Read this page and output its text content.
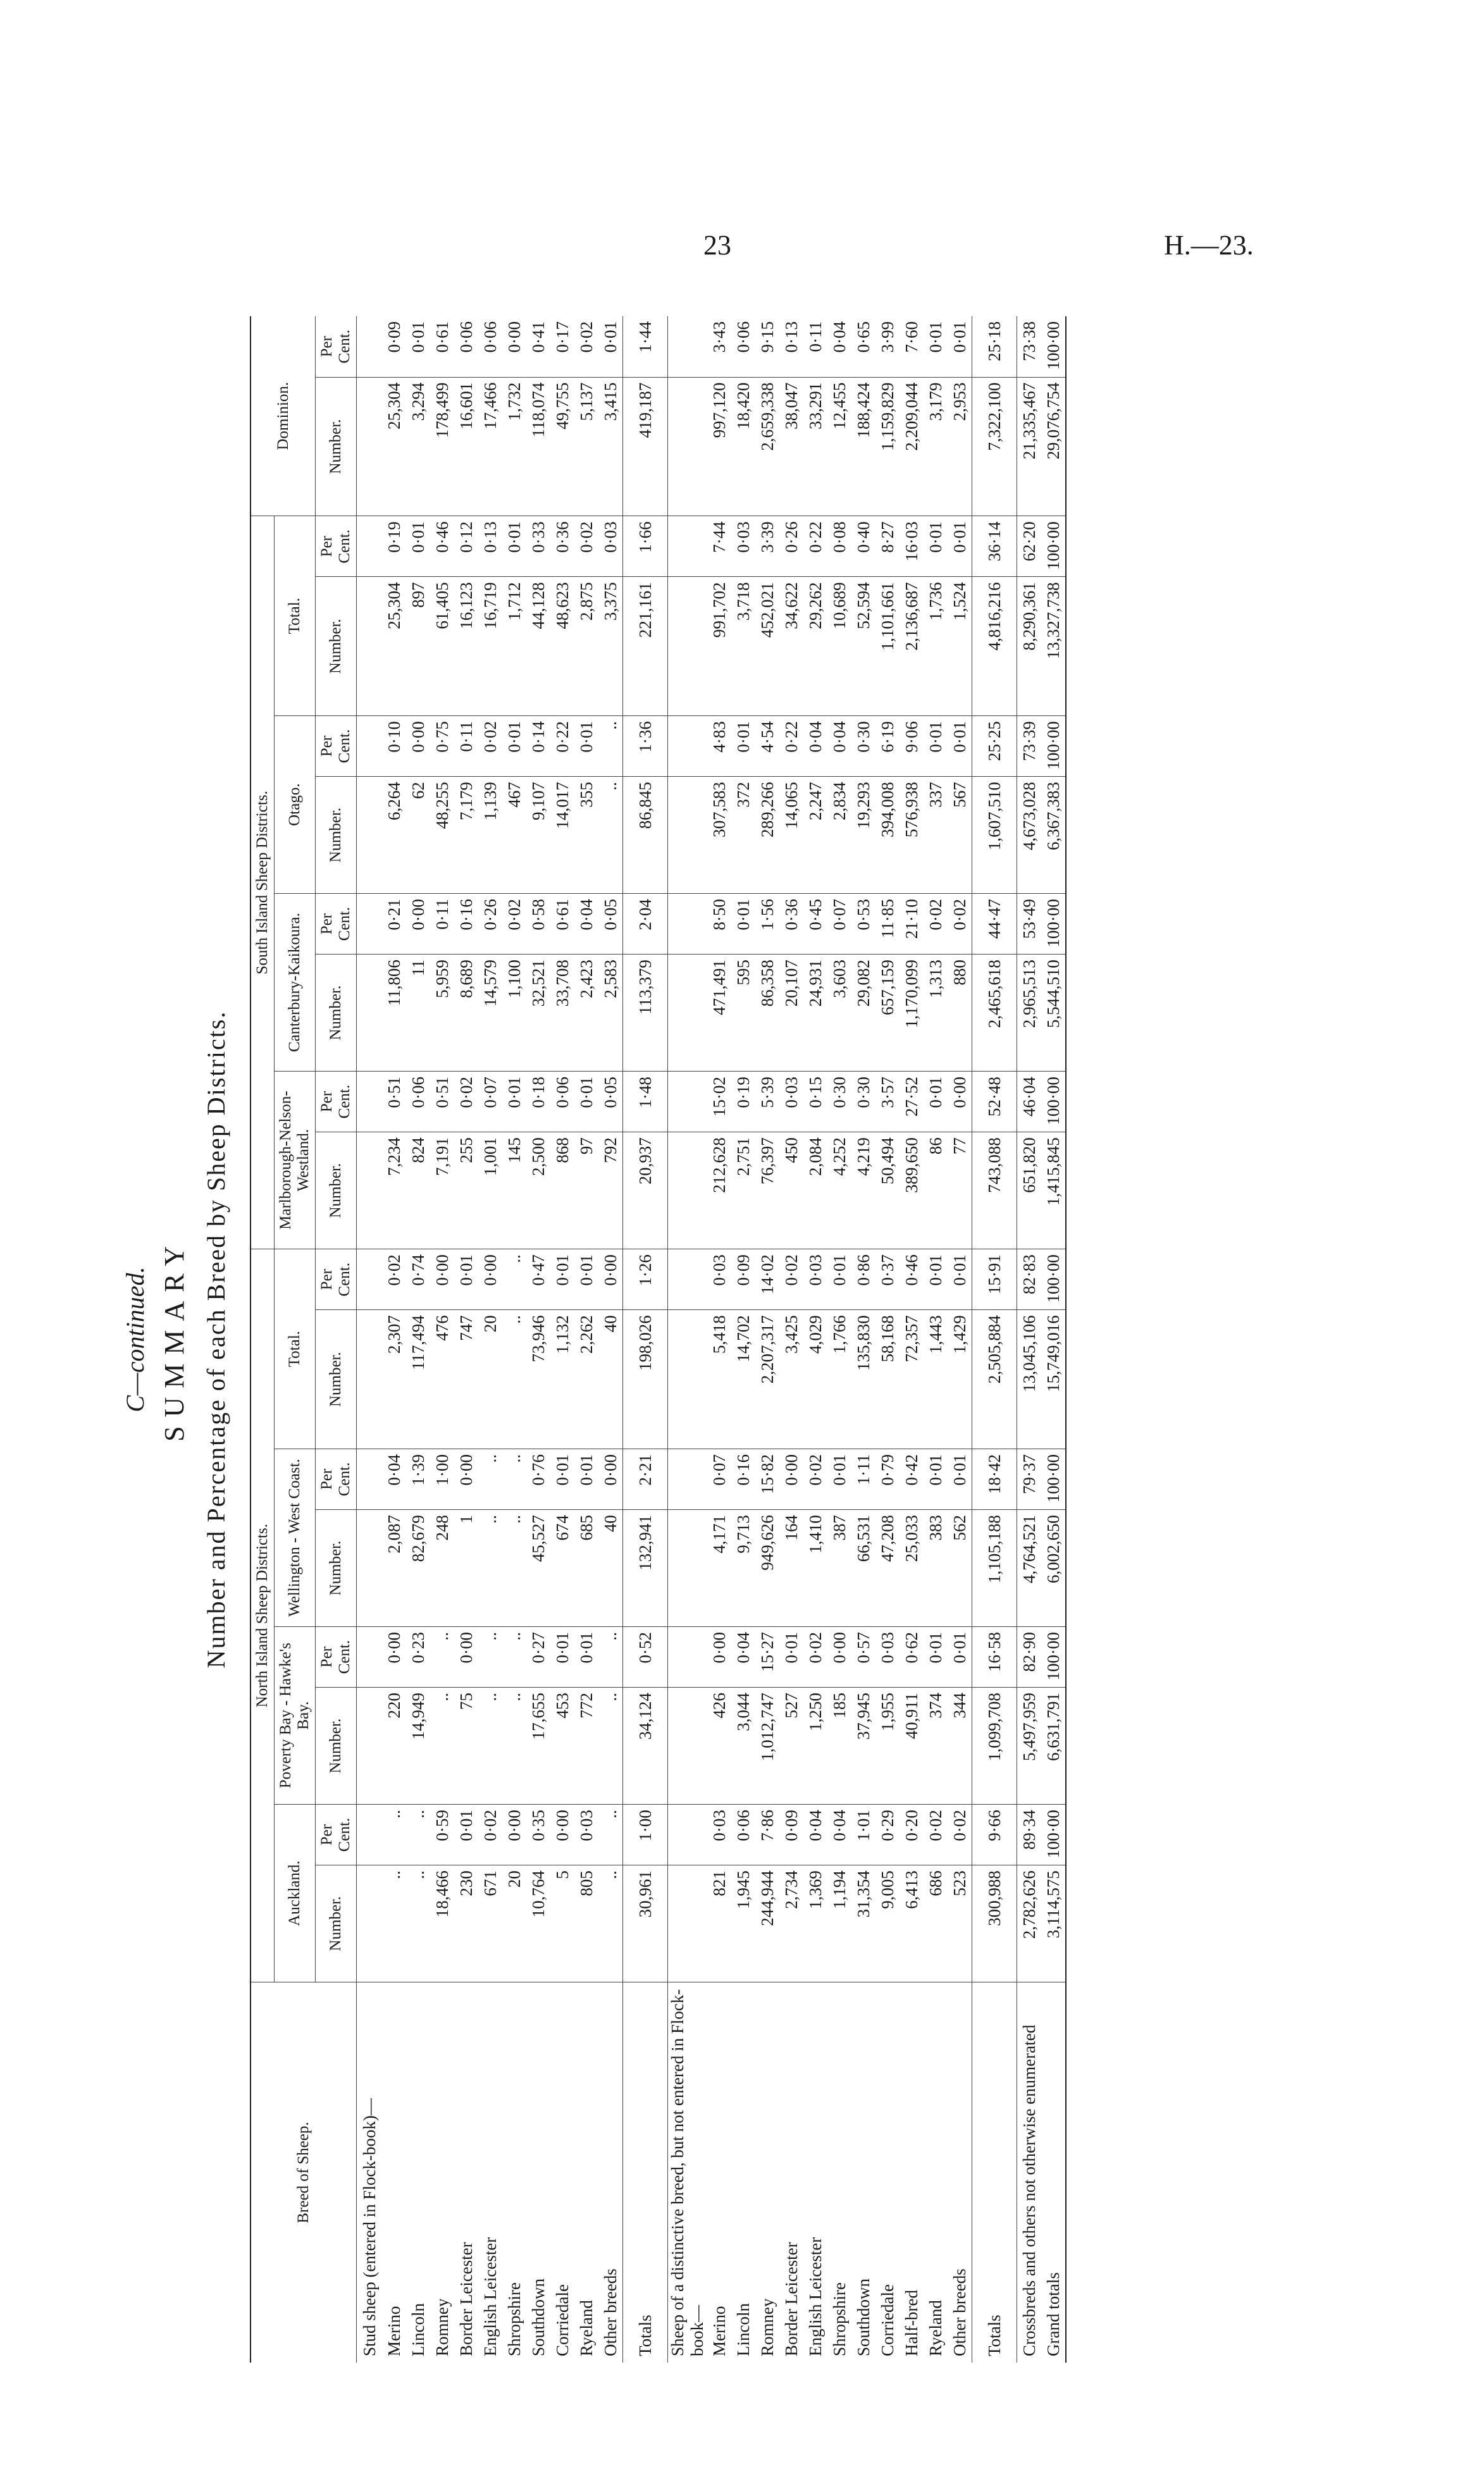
23	H.—23.
C—continued. SUMMARY Number and Percentage of each Breed by Sheep Districts.
Breed of Sheep.	North Island Sheep Districts.								South Island Sheep Districts.								Dominion.	
	Auckland.		Poverty Bay - Hawke's Bay.		Wellington - West Coast.		Total.		Marlborough-Nelson-Westland.		Canterbury-Kaikoura.		Otago.		Total.			
	Number.	Per Cent.	Number.	Per Cent.	Number.	Per Cent.	Number.	Per Cent.	Number.	Per Cent.	Number.	Per Cent.	Number.	Per Cent.	Number.	Per Cent.	Number.	Per Cent.
Stud sheep (entered in Flock-book)—																		
Merino	..	..	220	0·00	2,087	0·04	2,307	0·02	7,234	0·51	11,806	0·21	6,264	0·10	25,304	0·19	25,304	0·09
Lincoln	..	..	14,949	0·23	82,679	1·39	117,494	0·74	824	0·06	11	0·00	62	0·00	897	0·01	3,294	0·01
Romney	18,466	0·59	..	..	248	1·00	476	0·00	7,191	0·51	5,959	0·11	48,255	0·75	61,405	0·46	178,499	0·61
Border Leicester	230	0·01	75	0·00	1	0·00	747	0·01	255	0·02	8,689	0·16	7,179	0·11	16,123	0·12	16,601	0·06
English Leicester	671	0·02	..	..	..	..	20	0·00	1,001	0·07	14,579	0·26	1,139	0·02	16,719	0·13	17,466	0·06
Shropshire	20	0·00	..	..	..	..	..	..	145	0·01	1,100	0·02	467	0·01	1,712	0·01	1,732	0·00
Southdown	10,764	0·35	17,655	0·27	45,527	0·76	73,946	0·47	2,500	0·18	32,521	0·58	9,107	0·14	44,128	0·33	118,074	0·41
Corriedale	5	0·00	453	0·01	674	0·01	1,132	0·01	868	0·06	33,708	0·61	14,017	0·22	48,623	0·36	49,755	0·17
Ryeland	805	0·03	772	0·01	685	0·01	2,262	0·01	97	0·01	2,423	0·04	355	0·01	2,875	0·02	5,137	0·02
Other breeds	..	..	..	..	40	0·00	40	0·00	792	0·05	2,583	0·05	..	..	3,375	0·03	3,415	0·01
Totals	30,961	1·00	34,124	0·52	132,941	2·21	198,026	1·26	20,937	1·48	113,379	2·04	86,845	1·36	221,161	1·66	419,187	1·44
Sheep of a distinctive breed, but not entered in Flock-book—																		
Merino	821	0·03	426	0·00	4,171	0·07	5,418	0·03	212,628	15·02	471,491	8·50	307,583	4·83	991,702	7·44	997,120	3·43
Lincoln	1,945	0·06	3,044	0·04	9,713	0·16	14,702	0·09	2,751	0·19	595	0·01	372	0·01	3,718	0·03	18,420	0·06
Romney	244,944	7·86	1,012,747	15·27	949,626	15·82	2,207,317	14·02	76,397	5·39	86,358	1·56	289,266	4·54	452,021	3·39	2,659,338	9·15
Border Leicester	2,734	0·09	527	0·01	164	0·00	3,425	0·02	450	0·03	20,107	0·36	14,065	0·22	34,622	0·26	38,047	0·13
English Leicester	1,369	0·04	1,250	0·02	1,410	0·02	4,029	0·03	2,084	0·15	24,931	0·45	2,247	0·04	29,262	0·22	33,291	0·11
Shropshire	1,194	0·04	185	0·00	387	0·01	1,766	0·01	4,252	0·30	3,603	0·07	2,834	0·04	10,689	0·08	12,455	0·04
Southdown	31,354	1·01	37,945	0·57	66,531	1·11	135,830	0·86	4,219	0·30	29,082	0·53	19,293	0·30	52,594	0·40	188,424	0·65
Corriedale	9,005	0·29	1,955	0·03	47,208	0·79	58,168	0·37	50,494	3·57	657,159	11·85	394,008	6·19	1,101,661	8·27	1,159,829	3·99
Half-bred	6,413	0·20	40,911	0·62	25,033	0·42	72,357	0·46	389,650	27·52	1,170,099	21·10	576,938	9·06	2,136,687	16·03	2,209,044	7·60
Ryeland	686	0·02	374	0·01	383	0·01	1,443	0·01	86	0·01	1,313	0·02	337	0·01	1,736	0·01	3,179	0·01
Other breeds	523	0·02	344	0·01	562	0·01	1,429	0·01	77	0·00	880	0·02	567	0·01	1,524	0·01	2,953	0·01
Totals	300,988	9·66	1,099,708	16·58	1,105,188	18·42	2,505,884	15·91	743,088	52·48	2,465,618	44·47	1,607,510	25·25	4,816,216	36·14	7,322,100	25·18
Crossbreds and others not otherwise enumerated	2,782,626	89·34	5,497,959	82·90	4,764,521	79·37	13,045,106	82·83	651,820	46·04	2,965,513	53·49	4,673,028	73·39	8,290,361	62·20	21,335,467	73·38
Grand totals	3,114,575	100·00	6,631,791	100·00	6,002,650	100·00	15,749,016	100·00	1,415,845	100·00	5,544,510	100·00	6,367,383	100·00	13,327,738	100·00	29,076,754	100·00
